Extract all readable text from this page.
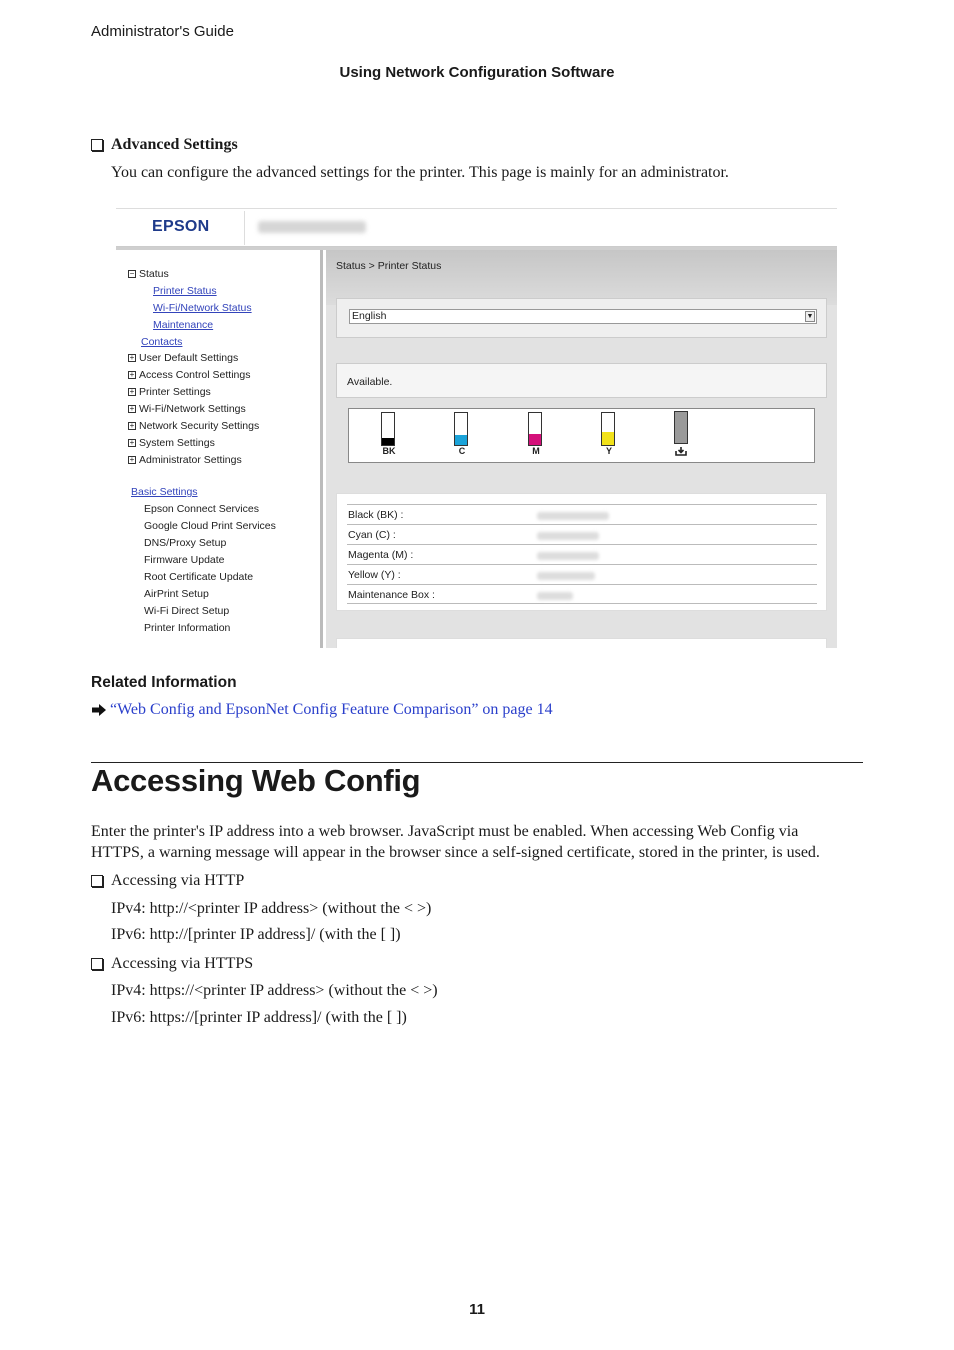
Administrator's Guide
Using Network Configuration Software
Advanced Settings
You can configure the advanced settings for the printer. This page is mainly for an administrator.
EPSON
− Status
Printer Status
Wi-Fi/Network Status
Maintenance
Contacts
+ User Default Settings
+ Access Control Settings
+ Printer Settings
+ Wi-Fi/Network Settings
+ Network Security Settings
+ System Settings
+ Administrator Settings
Basic Settings
Epson Connect Services
Google Cloud Print Services
DNS/Proxy Setup
Firmware Update
Root Certificate Update
AirPrint Setup
Wi-Fi Direct Setup
Printer Information
Status > Printer Status
English	▼
Available.
BK	C	M	Y
Black (BK) :
Cyan (C) :
Magenta (M) :
Yellow (Y) :
Maintenance Box :
Related Information
“Web Config and EpsonNet Config Feature Comparison” on page 14
Accessing Web Config
Enter the printer's IP address into a web browser. JavaScript must be enabled. When accessing Web Config via
HTTPS, a warning message will appear in the browser since a self-signed certificate, stored in the printer, is used.
Accessing via HTTP
IPv4: http://<printer IP address> (without the < >)
IPv6: http://[printer IP address]/ (with the [ ])
Accessing via HTTPS
IPv4: https://<printer IP address> (without the < >)
IPv6: https://[printer IP address]/ (with the [ ])
11
